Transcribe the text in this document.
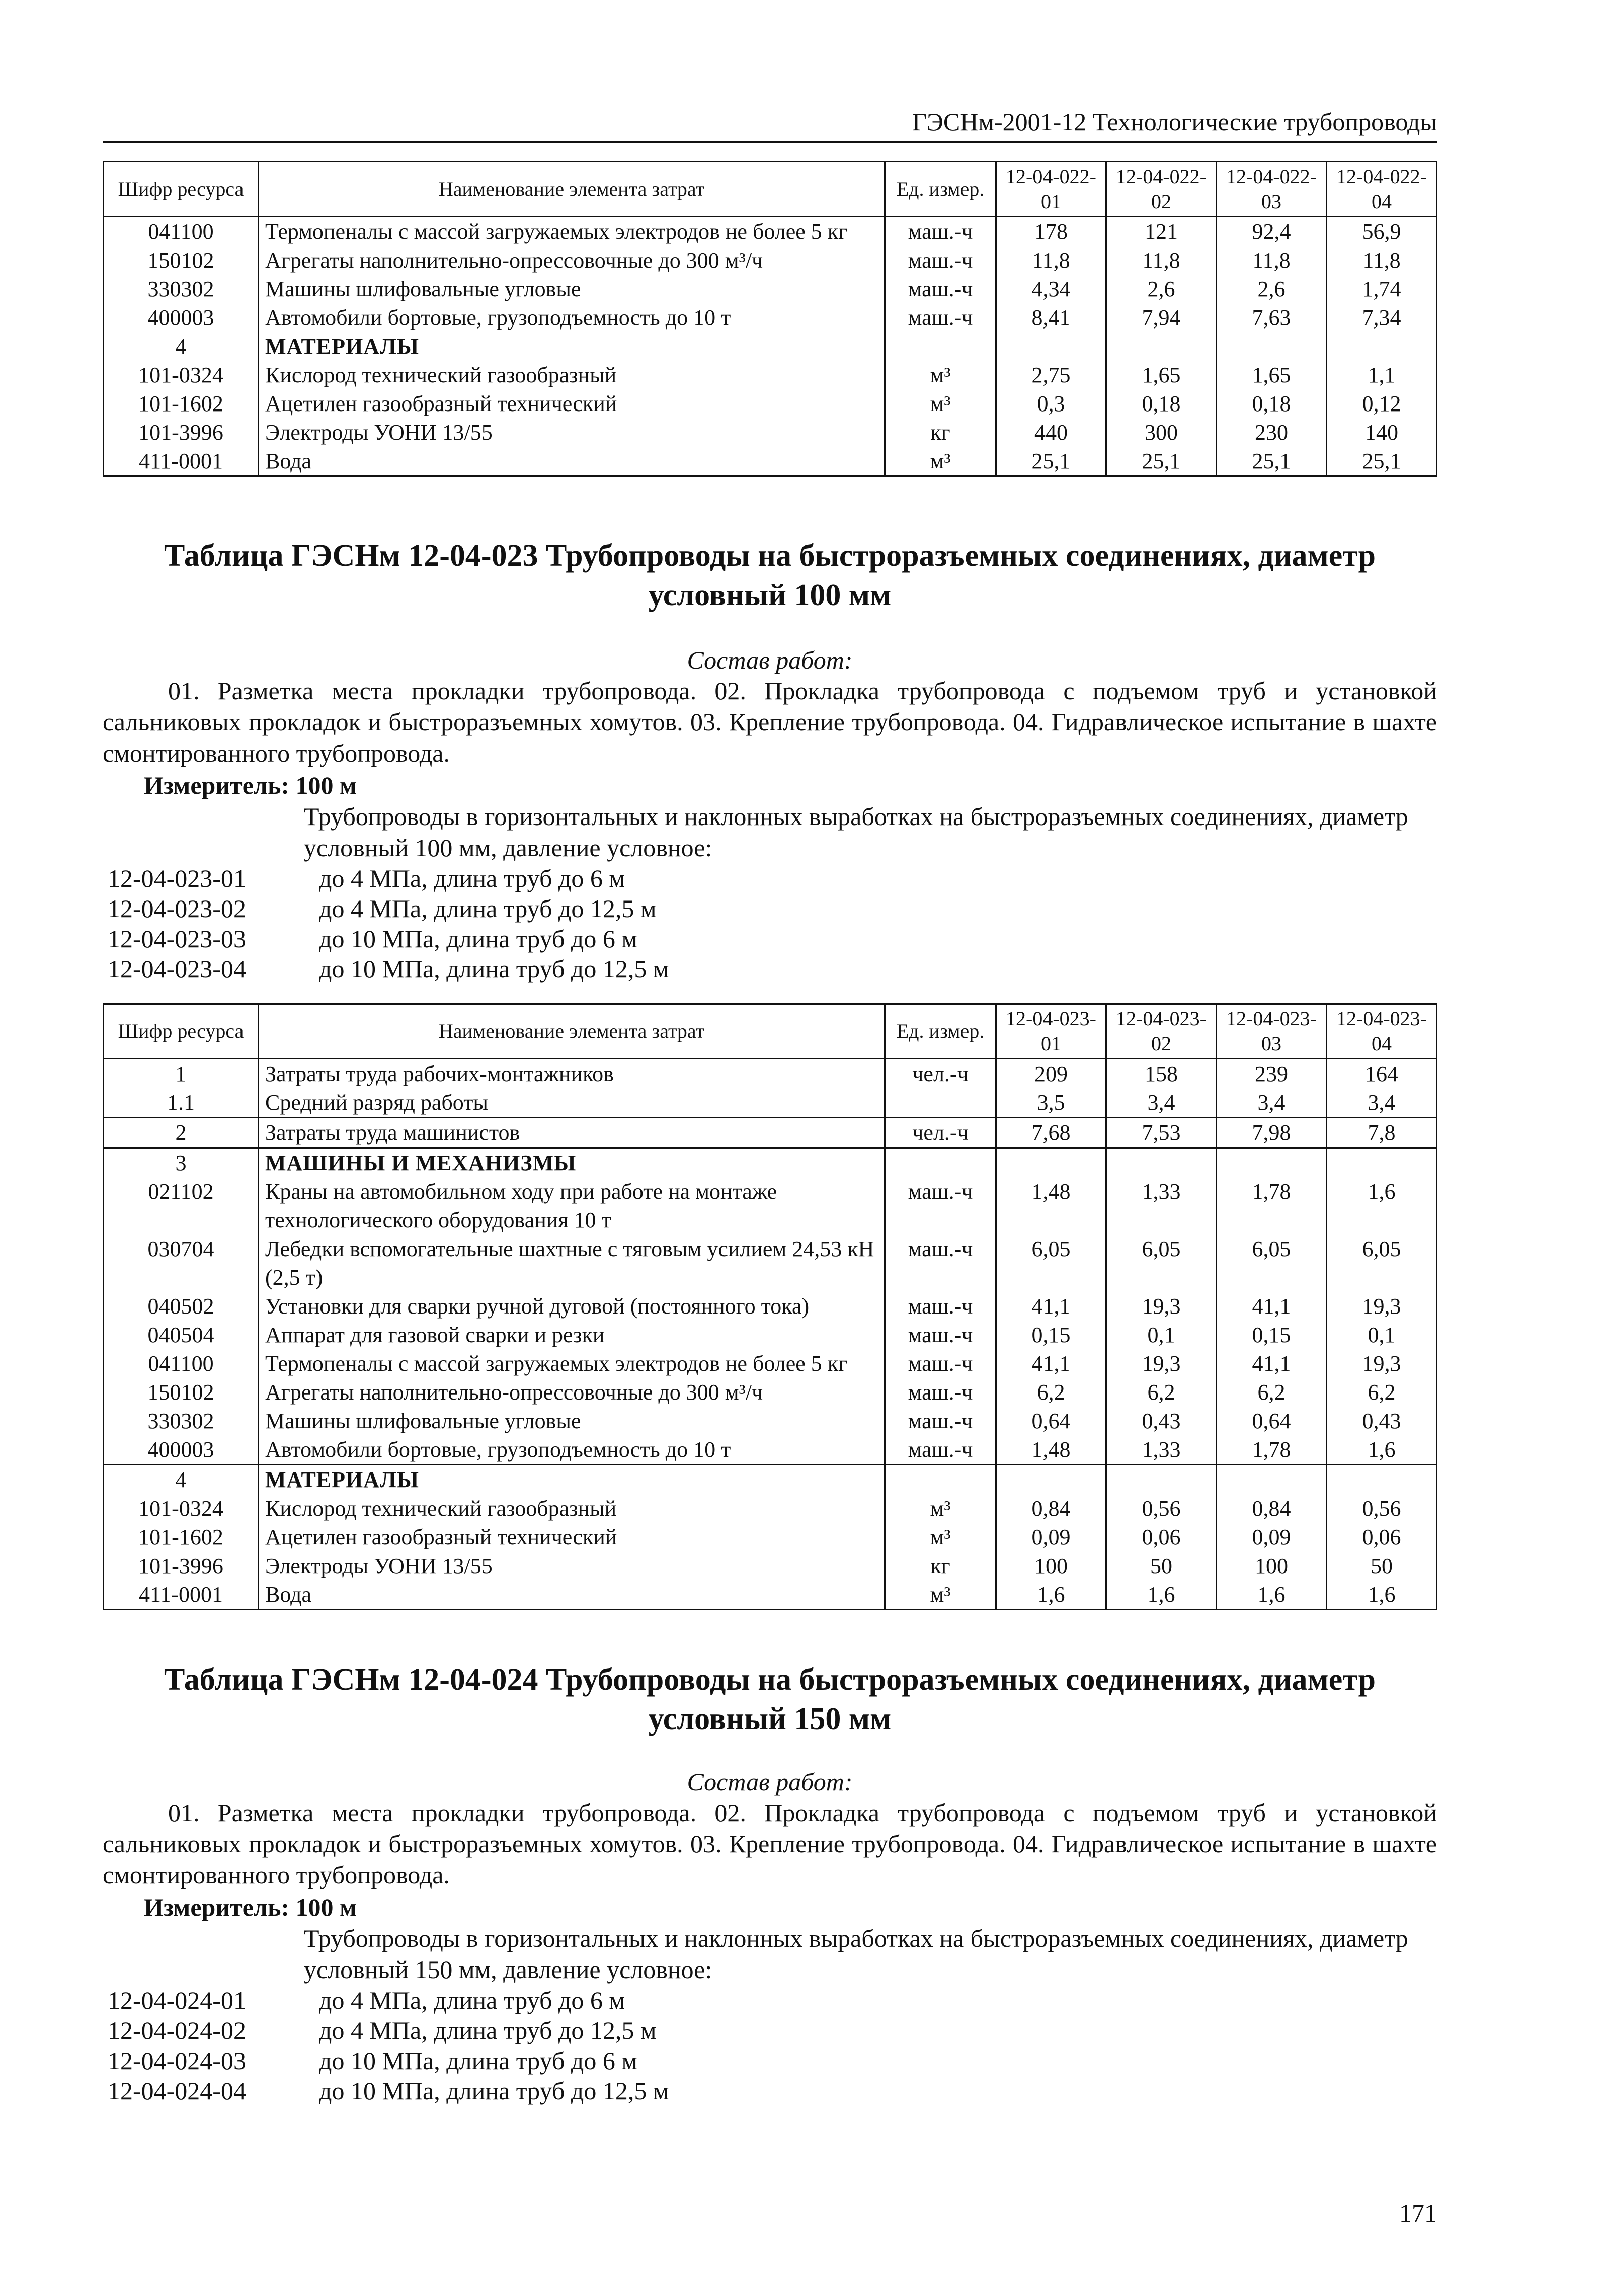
ГЭСНм-2001-12 Технологические трубопроводы
Шифр ресурса	Наименование элемента затрат	Ед. измер.	12-04-022-01	12-04-022-02	12-04-022-03	12-04-022-04
041100	Термопеналы с массой загружаемых электродов не более 5 кг	маш.-ч	178	121	92,4	56,9
150102	Агрегаты наполнительно-опрессовочные до 300 м³/ч	маш.-ч	11,8	11,8	11,8	11,8
330302	Машины шлифовальные угловые	маш.-ч	4,34	2,6	2,6	1,74
400003	Автомобили бортовые, грузоподъемность до 10 т	маш.-ч	8,41	7,94	7,63	7,34
4	МАТЕРИАЛЫ					
101-0324	Кислород технический газообразный	м³	2,75	1,65	1,65	1,1
101-1602	Ацетилен газообразный технический	м³	0,3	0,18	0,18	0,12
101-3996	Электроды УОНИ 13/55	кг	440	300	230	140
411-0001	Вода	м³	25,1	25,1	25,1	25,1
Таблица ГЭСНм 12-04-023 Трубопроводы на быстроразъемных соединениях, диаметр
условный 100 мм
Состав работ:
01. Разметка места прокладки трубопровода. 02. Прокладка трубопровода с подъемом труб и установкой сальниковых прокладок и быстроразъемных хомутов. 03. Крепление трубопровода. 04. Гидравлическое испытание в шахте смонтированного трубопровода.
Измеритель: 100 м
Трубопроводы в горизонтальных и наклонных выработках на быстроразъемных соединениях, диаметр условный 100 мм, давление условное:
12-04-023-01	до 4 МПа, длина труб до 6 м
12-04-023-02	до 4 МПа, длина труб до 12,5 м
12-04-023-03	до 10 МПа, длина труб до 6 м
12-04-023-04	до 10 МПа, длина труб до 12,5 м
Шифр ресурса	Наименование элемента затрат	Ед. измер.	12-04-023-01	12-04-023-02	12-04-023-03	12-04-023-04
1	Затраты труда рабочих-монтажников	чел.-ч	209	158	239	164
1.1	Средний разряд работы		3,5	3,4	3,4	3,4
2	Затраты труда машинистов	чел.-ч	7,68	7,53	7,98	7,8
3	МАШИНЫ И МЕХАНИЗМЫ					
021102	Краны на автомобильном ходу при работе на монтаже технологического оборудования 10 т	маш.-ч	1,48	1,33	1,78	1,6
030704	Лебедки вспомогательные шахтные с тяговым усилием 24,53 кН (2,5 т)	маш.-ч	6,05	6,05	6,05	6,05
040502	Установки для сварки ручной дуговой (постоянного тока)	маш.-ч	41,1	19,3	41,1	19,3
040504	Аппарат для газовой сварки и резки	маш.-ч	0,15	0,1	0,15	0,1
041100	Термопеналы с массой загружаемых электродов не более 5 кг	маш.-ч	41,1	19,3	41,1	19,3
150102	Агрегаты наполнительно-опрессовочные до 300 м³/ч	маш.-ч	6,2	6,2	6,2	6,2
330302	Машины шлифовальные угловые	маш.-ч	0,64	0,43	0,64	0,43
400003	Автомобили бортовые, грузоподъемность до 10 т	маш.-ч	1,48	1,33	1,78	1,6
4	МАТЕРИАЛЫ					
101-0324	Кислород технический газообразный	м³	0,84	0,56	0,84	0,56
101-1602	Ацетилен газообразный технический	м³	0,09	0,06	0,09	0,06
101-3996	Электроды УОНИ 13/55	кг	100	50	100	50
411-0001	Вода	м³	1,6	1,6	1,6	1,6
Таблица ГЭСНм 12-04-024 Трубопроводы на быстроразъемных соединениях, диаметр
условный 150 мм
Состав работ:
01. Разметка места прокладки трубопровода. 02. Прокладка трубопровода с подъемом труб и установкой сальниковых прокладок и быстроразъемных хомутов. 03. Крепление трубопровода. 04. Гидравлическое испытание в шахте смонтированного трубопровода.
Измеритель: 100 м
Трубопроводы в горизонтальных и наклонных выработках на быстроразъемных соединениях, диаметр условный 150 мм, давление условное:
12-04-024-01	до 4 МПа, длина труб до 6 м
12-04-024-02	до 4 МПа, длина труб до 12,5 м
12-04-024-03	до 10 МПа, длина труб до 6 м
12-04-024-04	до 10 МПа, длина труб до 12,5 м
171
